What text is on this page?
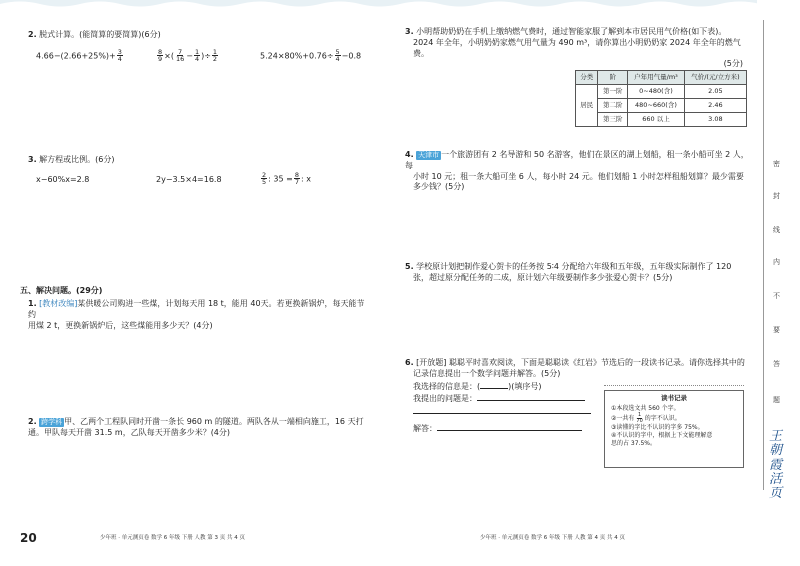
2. 脱式计算。(能简算的要简算)(6分)
$4.66-(2.66+25\%)+ \frac{3}{4}$	$\frac{8}{9}$ ×( $\frac{7}{16} - \frac{1}{4}$ )÷ $\frac{1}{2}$	$5.24\times 80\%+0.76\div \frac{5}{4} -0.8$
3. 解方程或比例。(6分)
x−60%x=2.8	2y−3.5×4=16.8	$\frac{2}{5}$ : $35 = \frac{8}{7}$ : x
五、解决问题。(29分)
1. [教材改编]某供暖公司购进一些煤，计划每天用 18 t，能用 40天。若更换新锅炉，每天能节约
用煤 2 t，更换新锅炉后，这些煤能用多少天？(4分)
2. 跨学科 甲、乙两个工程队同时开凿一条长 960 m 的隧道。两队各从一端相向施工，16 天打
通。甲队每天开凿 31.5 m，乙队每天开凿多少米？(4分)
20	少年班 · 单元测页卷 数学 6 年级 下册 人教 第 3 页 共 4 页
3. 小明帮助奶奶在手机上缴纳燃气费时，通过智能家服了解到本市居民用气价格(如下表)。
2024 年全年，小明奶奶家燃气用气量为 490 m³，请你算出小明奶奶家 2024 年全年的燃气费。
(5分)
分类	阶	户年用气量/m³	气价/(元/立方米)
居民	第一阶	0~480(含)	2.05
	第二阶	480~660(含)	2.46
	第三阶	660 以上	3.08
4. 天津市 一个旅游团有 2 名导游和 50 名游客，他们在景区的湖上划船，租一条小船可坐 2 人，每
小时 10 元；租一条大船可坐 6 人，每小时 24 元。他们划船 1 小时怎样租船划算？最少需要
多少钱？(5分)
5. 学校原计划把制作爱心贺卡的任务按 5∶4 分配给六年级和五年级，五年级实际制作了 120
张，超过原分配任务的二成，原计划六年级要制作多少张爱心贺卡？(5分)
6. [开放题] 聪聪平时喜欢阅读，下面是聪聪读《红岩》节选后的一段读书记录。请你选择其中的
记录信息提出一个数学问题并解答。(5分)
我选择的信息是：(	)(填序号)
我提出的问题是：
解答：
读书记录
①本段选文共 560 个字。
②一共有 $\frac{1}{70}$ 的字不认识。
③读懂的字比不认识的字多 75%。
④不认识的字中，根据上下文能理解意
思的占 37.5%。
少年班 · 单元测页卷 数学 6 年级 下册 人教 第 4 页 共 4 页
密
封
线
内
不
要
答
题
王朝霞
活页
